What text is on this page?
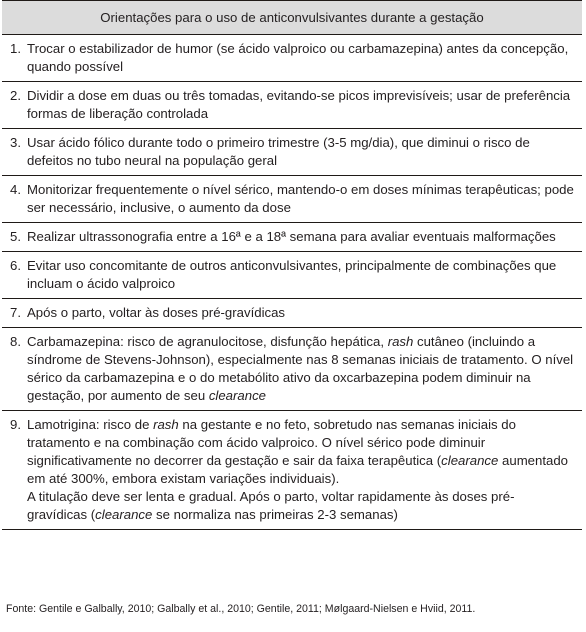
Orientações para o uso de anticonvulsivantes durante a gestação

1. Trocar o estabilizador de humor (se ácido valproico ou carbamazepina) antes da concepção, quando possível

2. Dividir a dose em duas ou três tomadas, evitando-se picos imprevisíveis; usar de preferência formas de liberação controlada

3. Usar ácido fólico durante todo o primeiro trimestre (3-5 mg/dia), que diminui o risco de defeitos no tubo neural na população geral

4. Monitorizar frequentemente o nível sérico, mantendo-o em doses mínimas terapêuticas; pode ser necessário, inclusive, o aumento da dose

5. Realizar ultrassonografia entre a 16ª e a 18ª semana para avaliar eventuais malformações

6. Evitar uso concomitante de outros anticonvulsivantes, principalmente de combinações que incluam o ácido valproico

7. Após o parto, voltar às doses pré-gravídicas

8. Carbamazepina: risco de agranulocitose, disfunção hepática, rash cutâneo (incluindo a síndrome de Stevens-Johnson), especialmente nas 8 semanas iniciais de tratamento. O nível sérico da carbamazepina e o do metabólito ativo da oxcarbazepina podem diminuir na gestação, por aumento de seu clearance

9. Lamotrigina: risco de rash na gestante e no feto, sobretudo nas semanas iniciais do tratamento e na combinação com ácido valproico. O nível sérico pode diminuir significativamente no decorrer da gestação e sair da faixa terapêutica (clearance aumentado em até 300%, embora existam variações individuais).
A titulação deve ser lenta e gradual. Após o parto, voltar rapidamente às doses pré-gravídicas (clearance se normaliza nas primeiras 2-3 semanas)
Fonte: Gentile e Galbally, 2010; Galbally et al., 2010; Gentile, 2011; Mølgaard-Nielsen e Hviid, 2011.
